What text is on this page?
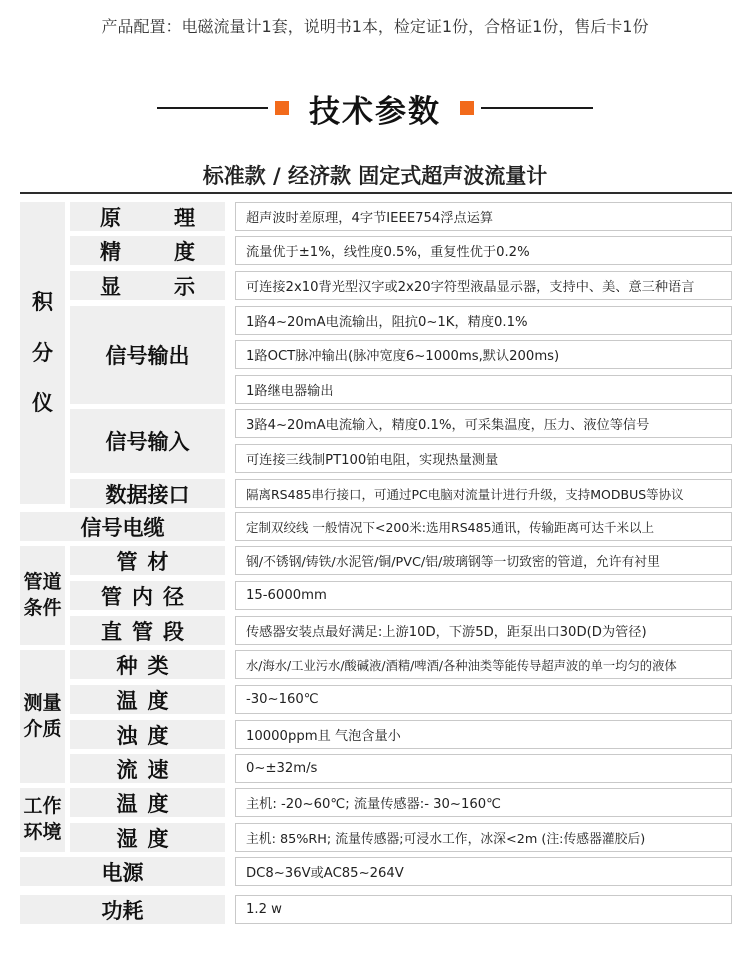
产品配置：电磁流量计1套，说明书1本，检定证1份，合格证1份，售后卡1份
技术参数
标准款 / 经济款 固定式超声波流量计
积
分
仪
原	理	超声波时差原理，4字节IEEE754浮点运算
精	度	流量优于±1%，线性度0.5%，重复性优于0.2%
显	示	可连接2x10背光型汉字或2x20字符型液晶显示器，支持中、美、意三种语言
信号输出
1路4~20mA电流输出，阻抗0~1K，精度0.1%
1路OCT脉冲输出(脉冲宽度6~1000ms,默认200ms)
1路继电器输出
信号输入
3路4~20mA电流输入，精度0.1%，可采集温度，压力、液位等信号
可连接三线制PT100铂电阻，实现热量测量
数据接口	隔离RS485串行接口，可通过PC电脑对流量计进行升级，支持MODBUS等协议
信号电缆	定制双绞线 一般情况下<200米:选用RS485通讯，传输距离可达千米以上
管道
条件
管材	钢/不锈钢/铸铁/水泥管/铜/PVC/铝/玻璃钢等一切致密的管道，允许有衬里
管内径	15-6000mm
直管段	传感器安装点最好满足:上游10D，下游5D，距泵出口30D(D为管径)
测量
介质
种类	水/海水/工业污水/酸碱液/酒精/啤酒/各种油类等能传导超声波的单一均匀的液体
温度	-30~160℃
浊度	10000ppm且 气泡含量小
流速	0~±32m/s
工作
环境
温度	主机: -20~60℃; 流量传感器:- 30~160℃
湿度	主机: 85%RH; 流量传感器;可浸水工作，冰深<2m (注:传感器灌胶后)
电源	DC8~36V或AC85~264V
功耗	1.2 w
